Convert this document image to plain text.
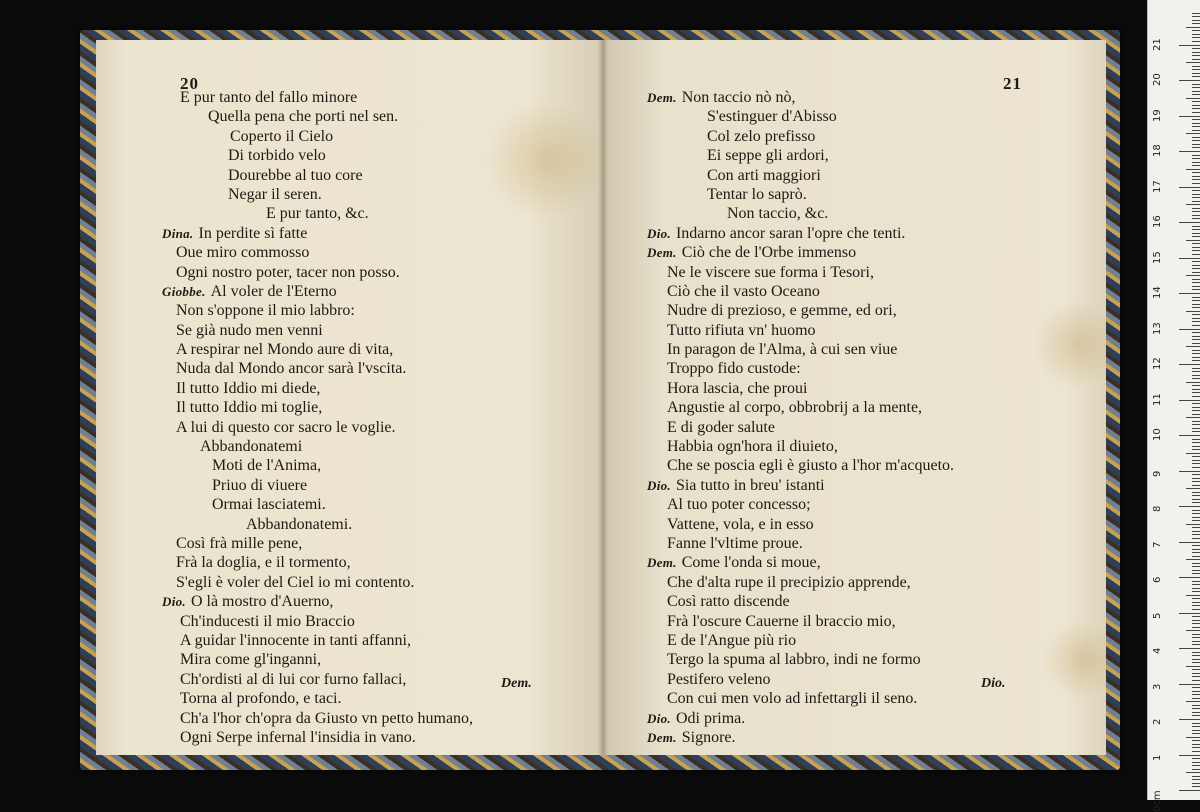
20
E pur tanto del fallo minore
Quella pena che porti nel sen.
Coperto il Cielo
Di torbido velo
Dourebbe al tuo core
Negar il seren.
E pur tanto, &c.
Dina. In perdite sì fatte
Oue miro commosso
Ogni nostro poter, tacer non posso.
Giobbe. Al voler de l'Eterno
Non s'oppone il mio labbro:
Se già nudo men venni
A respirar nel Mondo aure di vita,
Nuda dal Mondo ancor sarà l'vscita.
Il tutto Iddio mi diede,
Il tutto Iddio mi toglie,
A lui di questo cor sacro le voglie.
Abbandonatemi
Moti de l'Anima,
Priuo di viuere
Ormai lasciatemi.
Abbandonatemi.
Così frà mille pene,
Frà la doglia, e il tormento,
S'egli è voler del Ciel io mi contento.
Dio. O là mostro d'Auerno,
Ch'inducesti il mio Braccio
A guidar l'innocente in tanti affanni,
Mira come gl'inganni,
Ch'ordisti al di lui cor furno fallaci,
Torna al profondo, e taci.
Ch'a l'hor ch'opra da Giusto vn petto humano,
Ogni Serpe infernal l'insidia in vano.
Dem.
21
Dem. Non taccio nò nò,
S'estinguer d'Abisso
Col zelo prefisso
Ei seppe gli ardori,
Con arti maggiori
Tentar lo saprò.
Non taccio, &c.
Dio. Indarno ancor saran l'opre che tenti.
Dem. Ciò che de l'Orbe immenso
Ne le viscere sue forma i Tesori,
Ciò che il vasto Oceano
Nudre di prezioso, e gemme, ed ori,
Tutto rifiuta vn' huomo
In paragon de l'Alma, à cui sen viue
Troppo fido custode:
Hora lascia, che proui
Angustie al corpo, obbrobrij a la mente,
E di goder salute
Habbia ogn'hora il diuieto,
Che se poscia egli è giusto a l'hor m'acqueto.
Dio. Sia tutto in breu' istanti
Al tuo poter concesso;
Vattene, vola, e in esso
Fanne l'vltime proue.
Dem. Come l'onda si moue,
Che d'alta rupe il precipizio apprende,
Così ratto discende
Frà l'oscure Cauerne il braccio mio,
E de l'Angue più rio
Tergo la spuma al labbro, indi ne formo
Pestifero veleno
Con cui men volo ad infettargli il seno.
Dio. Odi prima.
Dem. Signore.
Dio.
0cm
1
2
3
4
5
6
7
8
9
10
11
12
13
14
15
16
17
18
19
20
21
